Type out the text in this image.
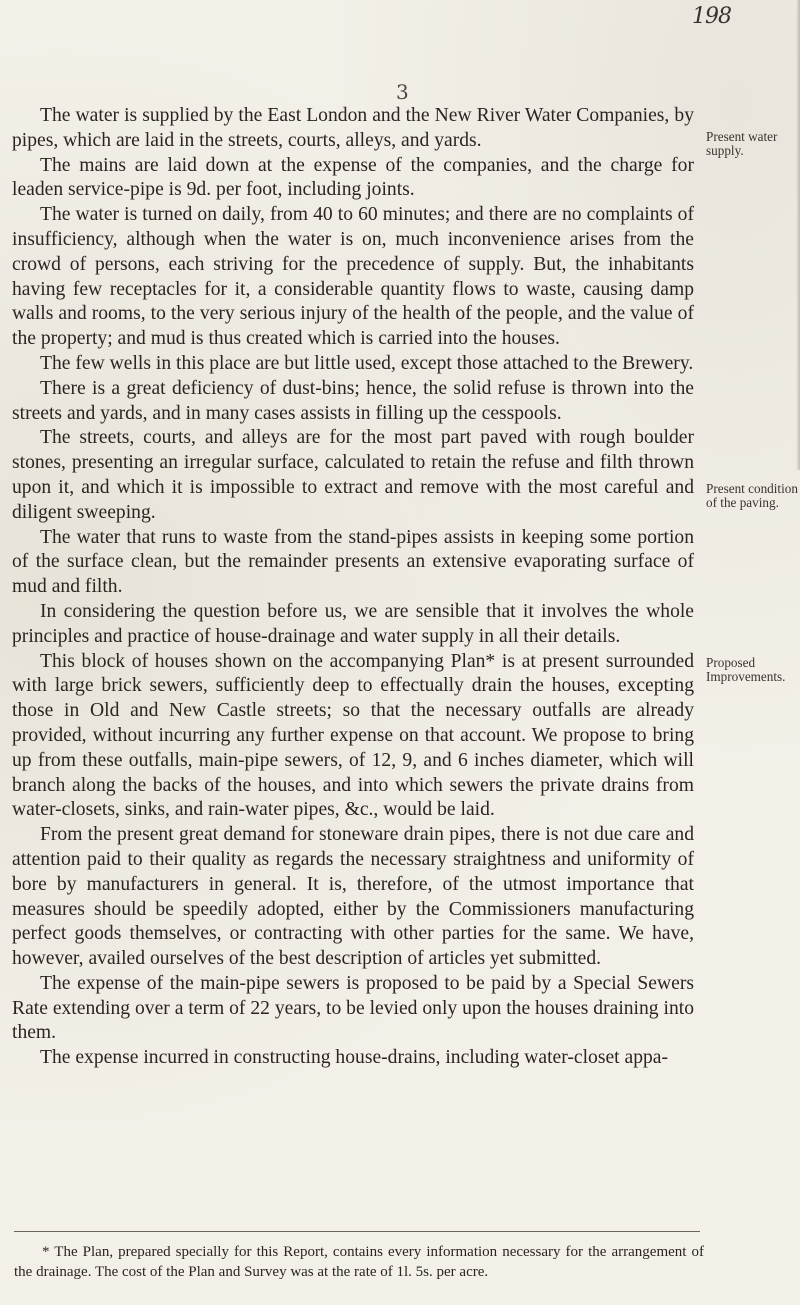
198
3

The water is supplied by the East London and the New River Water Companies, by pipes, which are laid in the streets, courts, alleys, and yards.

The mains are laid down at the expense of the companies, and the charge for leaden service-pipe is 9d. per foot, including joints.

The water is turned on daily, from 40 to 60 minutes; and there are no complaints of insufficiency, although when the water is on, much inconvenience arises from the crowd of persons, each striving for the precedence of supply. But, the inhabitants having few receptacles for it, a considerable quantity flows to waste, causing damp walls and rooms, to the very serious injury of the health of the people, and the value of the property; and mud is thus created which is carried into the houses.

The few wells in this place are but little used, except those attached to the Brewery.

There is a great deficiency of dust-bins; hence, the solid refuse is thrown into the streets and yards, and in many cases assists in filling up the cesspools.

The streets, courts, and alleys are for the most part paved with rough boulder stones, presenting an irregular surface, calculated to retain the refuse and filth thrown upon it, and which it is impossible to extract and remove with the most careful and diligent sweeping.

The water that runs to waste from the stand-pipes assists in keeping some portion of the surface clean, but the remainder presents an extensive evaporating surface of mud and filth.

In considering the question before us, we are sensible that it involves the whole principles and practice of house-drainage and water supply in all their details.

This block of houses shown on the accompanying Plan* is at present surrounded with large brick sewers, sufficiently deep to effectually drain the houses, excepting those in Old and New Castle streets; so that the necessary outfalls are already provided, without incurring any further expense on that account. We propose to bring up from these outfalls, main-pipe sewers, of 12, 9, and 6 inches diameter, which will branch along the backs of the houses, and into which sewers the private drains from water-closets, sinks, and rain-water pipes, &c., would be laid.

From the present great demand for stoneware drain pipes, there is not due care and attention paid to their quality as regards the necessary straightness and uniformity of bore by manufacturers in general. It is, therefore, of the utmost importance that measures should be speedily adopted, either by the Commissioners manufacturing perfect goods themselves, or contracting with other parties for the same. We have, however, availed ourselves of the best description of articles yet submitted.

The expense of the main-pipe sewers is proposed to be paid by a Special Sewers Rate extending over a term of 22 years, to be levied only upon the houses draining into them.

The expense incurred in constructing house-drains, including water-closet appa-

Present water supply.
Present condition of the paving.
Proposed Improvements.

* The Plan, prepared specially for this Report, contains every information necessary for the arrangement of the drainage. The cost of the Plan and Survey was at the rate of 1l. 5s. per acre.
